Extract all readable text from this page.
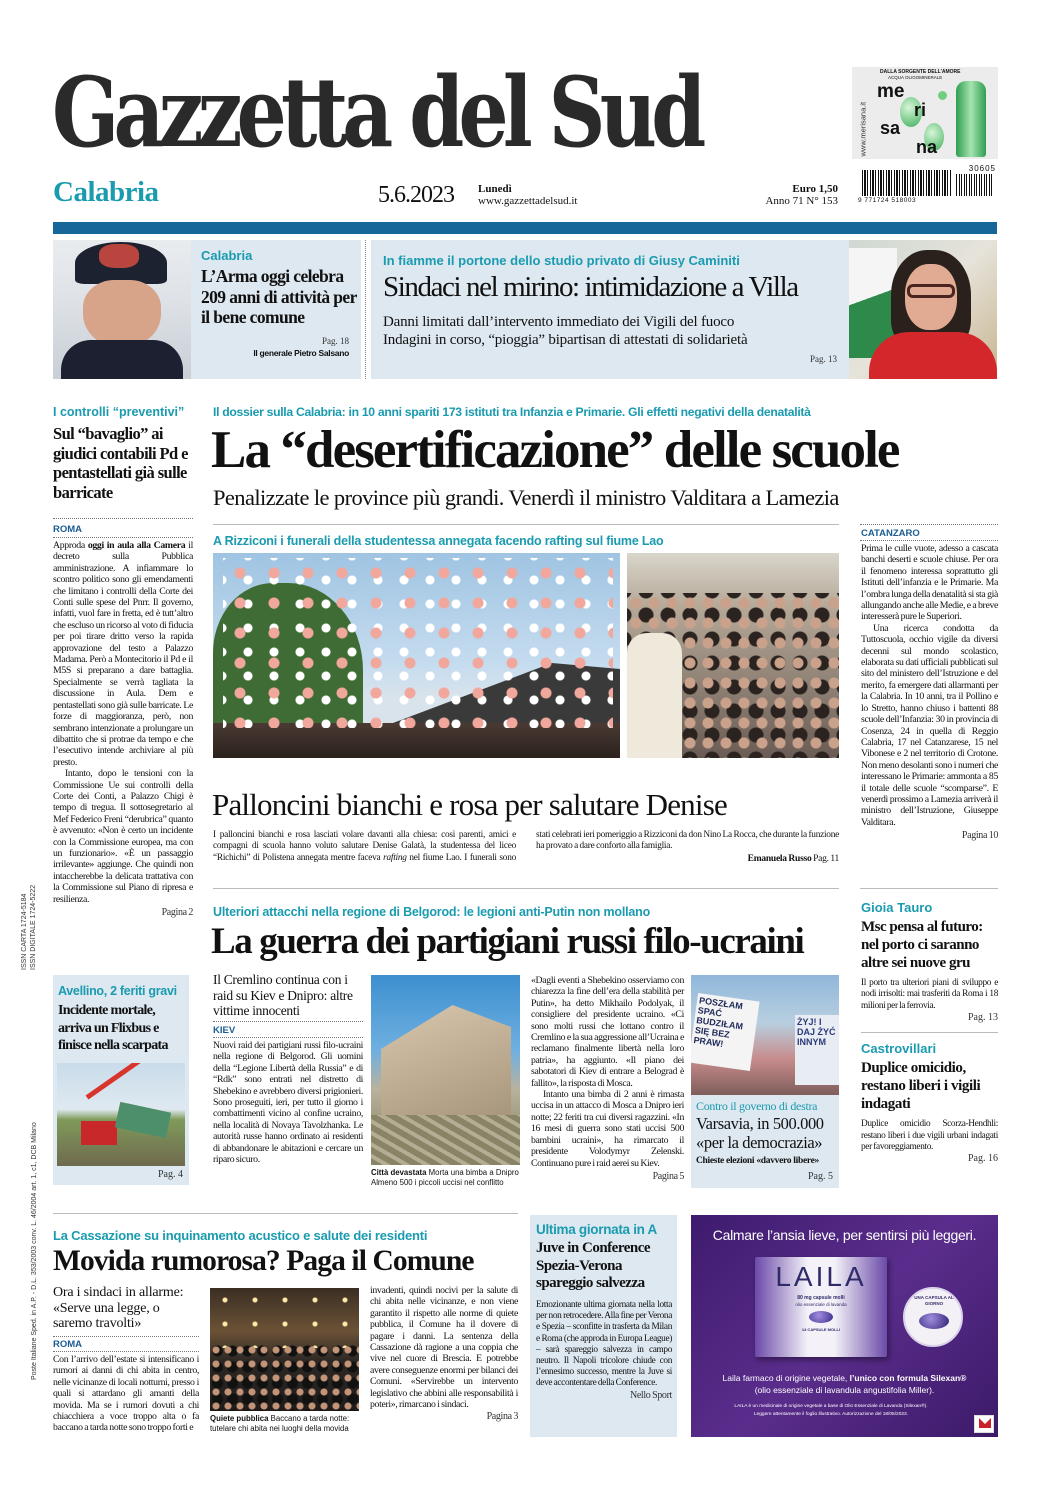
Gazzetta del Sud
Calabria	5.6.2023 Lunedì
www.gazzettadelsud.it
Euro 1,50
Anno 71 N° 153
www.merisana.it
DALLA SORGENTE DELL'AMORE
ACQUA OLIGOMINERALE
me
ri
sa
na
30605
9 771724 518003
Calabria
L’Arma oggi celebra 209 anni di attività per il bene comune
Pag. 18
Il generale Pietro Salsano
In fiamme il portone dello studio privato di Giusy Caminiti
Sindaci nel mirino: intimidazione a Villa
Danni limitati dall’intervento immediato dei Vigili del fuoco
Indagini in corso, “pioggia” bipartisan di attestati di solidarietà
Pag. 13
I controlli “preventivi”
Sul “bavaglio” ai giudici contabili Pd e pentastellati già sulle barricate
ROMA
Approda oggi in aula alla Camera il decreto sulla Pubblica amministrazione. A infiammare lo scontro politico sono gli emendamenti che limitano i controlli della Corte dei Conti sulle spese del Pnrr. Il governo, infatti, vuol fare in fretta, ed è tutt’altro che escluso un ricorso al voto di fiducia per poi tirare dritto verso la rapida approvazione del testo a Palazzo Madama. Però a Montecitorio il Pd e il M5S si preparano a dare battaglia. Specialmente se verrà tagliata la discussione in Aula. Dem e pentastellati sono già sulle barricate. Le forze di maggioranza, però, non sembrano intenzionate a prolungare un dibattito che si protrae da tempo e che l’esecutivo intende archiviare al più presto.
Intanto, dopo le tensioni con la Commissione Ue sui controlli della Corte dei Conti, a Palazzo Chigi è tempo di tregua. Il sottosegretario al Mef Federico Freni “derubrica” quanto è avvenuto: «Non è certo un incidente con la Commissione europea, ma con un funzionario». «È un passaggio irrilevante» aggiunge. Che quindi non intaccherebbe la delicata trattativa con la Commissione sul Piano di ripresa e resilienza.
Pagina 2
ISSN CARTA 1724-5184 ISSN DIGITALE 1724-5222
Poste Italiane Sped. in A.P. - D.L. 353/2003 conv. L. 46/2004 art. 1, c1, DCB Milano
Avellino, 2 feriti gravi
Incidente mortale, arriva un Flixbus e finisce nella scarpata
Pag. 4
Il dossier sulla Calabria: in 10 anni spariti 173 istituti tra Infanzia e Primarie. Gli effetti negativi della denatalità
La “desertificazione” delle scuole
Penalizzate le province più grandi. Venerdì il ministro Valditara a Lamezia
CATANZARO
Prima le culle vuote, adesso a cascata banchi deserti e scuole chiuse. Per ora il fenomeno interessa soprattutto gli Istituti dell’infanzia e le Primarie. Ma l’ombra lunga della denatalità si sta già allungando anche alle Medie, e a breve interesserà pure le Superiori.
Una ricerca condotta da Tuttoscuola, occhio vigile da diversi decenni sul mondo scolastico, elaborata su dati ufficiali pubblicati sul sito del ministero dell’Istruzione e del merito, fa emergere dati allarmanti per la Calabria. In 10 anni, tra il Pollino e lo Stretto, hanno chiuso i battenti 88 scuole dell’Infanzia: 30 in provincia di Cosenza, 24 in quella di Reggio Calabria, 17 nel Catanzarese, 15 nel Vibonese e 2 nel territorio di Crotone. Non meno desolanti sono i numeri che interessano le Primarie: ammonta a 85 il totale delle scuole “scomparse”. E venerdì prossimo a Lamezia arriverà il ministro dell’Istruzione, Giuseppe Valditara.
Pagina 10
A Rizziconi i funerali della studentessa annegata facendo rafting sul fiume Lao
Palloncini bianchi e rosa per salutare Denise
I palloncini bianchi e rosa lasciati volare davanti alla chiesa: così parenti, amici e compagni di scuola hanno voluto salutare Denise Galatà, la studentessa del liceo “Richichi” di Polistena annegata mentre faceva rafting nel fiume Lao. I funerali sono stati celebrati ieri pomeriggio a Rizziconi da don Nino La Rocca, che durante la funzione ha provato a dare conforto alla famiglia.
Emanuela Russo Pag. 11
Ulteriori attacchi nella regione di Belgorod: le legioni anti-Putin non mollano
La guerra dei partigiani russi filo-ucraini
Il Cremlino continua con i raid su Kiev e Dnipro: altre vittime innocenti
KIEV
Nuovi raid dei partigiani russi filo-ucraini nella regione di Belgorod. Gli uomini della “Legione Libertà della Russia” e di “Rdk” sono entrati nel distretto di Shebekino e avrebbero diversi prigionieri. Sono proseguiti, ieri, per tutto il giorno i combattimenti vicino al confine ucraino, nella località di Novaya Tavolzhanka. Le autorità russe hanno ordinato ai residenti di abbandonare le abitazioni e cercare un riparo sicuro.
Città devastata Morta una bimba a Dnipro Almeno 500 i piccoli uccisi nel conflitto
«Dagli eventi a Shebekino osserviamo con chiarezza la fine dell’era della stabilità per Putin», ha detto Mikhailo Podolyak, il consigliere del presidente ucraino. «Ci sono molti russi che lottano contro il Cremlino e la sua aggressione all’Ucraina e reclamano finalmente libertà nella loro patria», ha aggiunto. «Il piano dei sabotatori di Kiev di entrare a Belograd è fallito», la risposta di Mosca.
Intanto una bimba di 2 anni è rimasta uccisa in un attacco di Mosca a Dnipro ieri notte; 22 feriti tra cui diversi ragazzini. «In 16 mesi di guerra sono stati uccisi 500 bambini ucraini», ha rimarcato il presidente Volodymyr Zelenski. Continuano pure i raid aerei su Kiev.
Pagina 5
POSZŁAM SPAĆ BUDZIŁAM SIĘ BEZ PRAW!
ŻYJ! I DAJ ŻYĆ INNYM
Contro il governo di destra
Varsavia, in 500.000 «per la democrazia»
Chieste elezioni «davvero libere»
Pag. 5
Gioia Tauro
Msc pensa al futuro: nel porto ci saranno altre sei nuove gru
Il porto tra ulteriori piani di sviluppo e nodi irrisolti: mai trasferiti da Roma i 18 milioni per la ferrovia.
Pag. 13
Castrovillari
Duplice omicidio, restano liberi i vigili indagati
Duplice omicidio Scorza-Hendhli: restano liberi i due vigili urbani indagati per favoreggiamento.
Pag. 16
La Cassazione su inquinamento acustico e salute dei residenti
Movida rumorosa? Paga il Comune
Ora i sindaci in allarme: «Serve una legge, o saremo travolti»
ROMA
Con l’arrivo dell’estate si intensificano i rumori ai danni di chi abita in centro, nelle vicinanze di locali notturni, presso i quali si attardano gli amanti della movida. Ma se i rumori dovuti a chi chiacchiera a voce troppo alta o fa baccano a tarda notte sono troppo forti e
Quiete pubblica Baccano a tarda notte: tutelare chi abita nei luoghi della movida
invadenti, quindi nocivi per la salute di chi abita nelle vicinanze, e non viene garantito il rispetto alle norme di quiete pubblica, il Comune ha il dovere di pagare i danni. La sentenza della Cassazione dà ragione a una coppia che vive nel cuore di Brescia. E potrebbe avere conseguenze enormi per bilanci dei Comuni. «Servirebbe un intervento legislativo che abbini alle responsabilità i poteri», rimarcano i sindaci.
Pagina 3
Ultima giornata in A
Juve in Conference Spezia-Verona spareggio salvezza
Emozionante ultima giornata nella lotta per non retrocedere. Alla fine per Verona e Spezia – sconfitte in trasferta da Milan e Roma (che approda in Europa League) – sarà spareggio salvezza in campo neutro. Il Napoli tricolore chiude con l’ennesimo successo, mentre la Juve si deve accontentare della Conference.
Nello Sport
Calmare l’ansia lieve, per sentirsi più leggeri.
LAILA
80 mg capsule molli
olio essenziale di lavanda
14 CAPSULE MOLLI
UNA CAPSULA AL GIORNO
Laila farmaco di origine vegetale, l’unico con formula Silexan®
(olio essenziale di lavandula angustifolia Miller).
LAILA è un medicinale di origine vegetale a base di Olio Essenziale di Lavanda (Silexan®).
Leggere attentamente il foglio illustrativo. Autorizzazione del 18/05/2023.
